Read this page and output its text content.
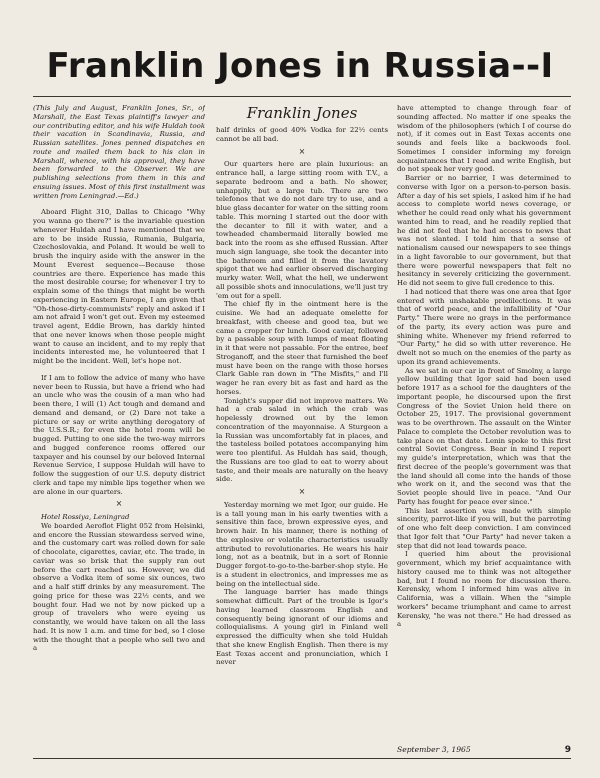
Franklin Jones in Russia--I

(This July and August, Franklin Jones, Sr., of Marshall, the East Texas plaintiff's lawyer and our contributing editor, and his wife Huldah took their vacation in Scandinavia, Russia, and Russian satellites. Jones penned dispatches en route and mailed them back to his clan in Marshall, whence, with his approval, they have been forwarded to the Observer. We are publishing selections from them in this and ensuing issues. Most of this first installment was written from Leningrad.—Ed.)

Aboard Flight 310, Dallas to Chicago "Why you wanna go there?" is the invariable question whenever Huldah and I have mentioned that we are to be inside Russia, Rumania, Bulgaria, Czechoslovakia, and Poland. It would be well to brush the inquiry aside with the answer in the Mount Everest sequence—Because those countries are there. Experience has made this the most desirable course; for whenever I try to explain some of the things that might be worth experiencing in Eastern Europe, I am given that "Oh-those-dirty-communists" reply and asked if I am not afraid I won't get out. Even my esteemed travel agent, Eddie Brown, has darkly hinted that one never knows when those people might want to cause an incident, and to my reply that incidents interested me, he volunteered that I might be the incident. Well, let's hope not.

If I am to follow the advice of many who have never been to Russia, but have a friend who had an uncle who was the cousin of a man who had been there, I will (1) Act tough and demand and demand and demand, or (2) Dare not take a picture or say or write anything derogatory of the U.S.S.R.; for even the hotel room will be bugged. Putting to one side the two-way mirrors and bugged conference rooms offered our taxpayer and his counsel by our beloved Internal Revenue Service, I suppose Huldah will have to follow the suggestion of our U.S. deputy district clerk and tape my nimble lips together when we are alone in our quarters.

×

Hotel Rossiya, Leningrad

We boarded Aeroflot Flight 052 from Helsinki, and encore the Russian stewardess served wine, and the customary cart was rolled down for sale of chocolate, cigarettes, caviar, etc. The trade, in caviar was so brisk that the supply ran out before the cart reached us. However, we did observe a Vodka item of some six ounces, two and a half stiff drinks by any measurement. The going price for these was 22½ cents, and we bought four. Had we not by now picked up a group of travelers who were eyeing us constantly, we would have taken on all the lass had. It is now 1 a.m. and time for bed, so I close with the thought that a people who sell two and a

Franklin Jones

half drinks of good 40% Vodka for 22½ cents cannot be all bad.

×

Our quarters here are plain luxurious: an entrance hall, a large sitting room with T.V., a separate bedroom and a bath. No shower, unhappily, but a large tub. There are two telefonos that we do not dare try to use, and a blue glass decanter for water on the sitting room table. This morning I started out the door with the decanter to fill it with water, and a towheaded chambermaid literally bowled me back into the room as she effused Russian. After much sign language, she took the decanter into the bathroom and filled it from the lavatory spigot that we had earlier observed discharging murky water. Well, what the hell, we underwent all possible shots and innoculations, we'll just try 'em out for a spell.

The chief fly in the ointment here is the cuisine. We had an adequate omelette for breakfast, with cheese and good tea, but we came a cropper for lunch. Good caviar, followed by a passable soup with lumps of meat floating in it that were not passable. For the entree, beef Stroganoff, and the steer that furnished the beef must have been on the range with those horses Clark Gable ran down in "The Misfits," and I'll wager he ran every bit as fast and hard as the horses.

Tonight's supper did not improve matters. We had a crab salad in which the crab was hopelessly drowned out by the lemon concentration of the mayonnaise. A Sturgeon a la Russian was uncomfortably fat in places, and the tasteless boiled potatoes accompanying him were too plentiful. As Huldah has said, though, the Russians are too glad to eat to worry about taste, and their meals are naturally on the heavy side.

×

Yesterday morning we met Igor, our guide. He is a tall young man in his early twenties with a sensitive thin face, brown expressive eyes, and brown hair. In his manner, there is nothing of the explosive or volatile characteristics usually attributed to revolutionaries. He wears his hair long, not as a beatnik, but in a sort of Ronnie Dugger forgot-to-go-to-the-barber-shop style. He is a student in electronics, and impresses me as being on the intellectual side.

The language barrier has made things somewhat difficult. Part of the trouble is Igor's having learned classroom English and consequently being ignorant of our idioms and colloquialisms. A young girl in Finland well expressed the difficulty when she told Huldah that she knew English English. Then there is my East Texas accent and pronunciation, which I never

have attempted to change through fear of sounding affected. No matter if one speaks the wisdom of the philosophers (which I of course do not), if it comes out in East Texas accents one sounds and feels like a backwoods fool. Sometimes I consider informing my foreign acquaintances that I read and write English, but do not speak her very good.

Barrier or no barrier, I was determined to converse with Igor on a person-to-person basis. After a day of his set spiels, I asked him if he had access to complete world news coverage, or whether he could read only what his government wanted him to read, and he readily replied that he did not feel that he had access to news that was not slanted. I told him that a sense of nationalism caused our newspapers to see things in a light favorable to our government, but that there were powerful newspapers that felt no hesitancy in severely criticizing the government. He did not seem to give full credence to this.

I had noticed that there was one area that Igor entered with unshakable predilections. It was that of world peace, and the infallibility of "Our Party." There were no grays in the performance of the party, its every action was pure and shining white. Whenever my friend referred to "Our Party," he did so with utter reverence. He dwelt not so much on the enemies of the party as upon its grand achievements.

As we sat in our car in front of Smolny, a large yellow building that Igor said had been used before 1917 as a school for the daughters of the important people, he discoursed upon the first Congress of the Soviet Union held there on October 25, 1917. The provisional government was to be overthrown. The assault on the Winter Palace to complete the October revolution was to take place on that date. Lenin spoke to this first central Soviet Congress. Bear in mind I report my guide's interpretation, which was that the first decree of the people's government was that the land should all come into the hands of those who work on it, and the second was that the Soviet people should live in peace. "And Our Party has fought for peace ever since."

This last assertion was made with simple sincerity, parrot-like if you will, but the parroting of one who felt deep conviction. I am convinced that Igor felt that "Our Party" had never taken a step that did not lead towards peace.

I queried him about the provisional government, which my brief acquaintance with history caused me to think was not altogether bad, but I found no room for discussion there. Kerensky, whom I informed him was alive in California, was a villain. When the "simple workers" became triumphant and came to arrest Kerensky, "he was not there." He had dressed as a

September 3, 1965	9
